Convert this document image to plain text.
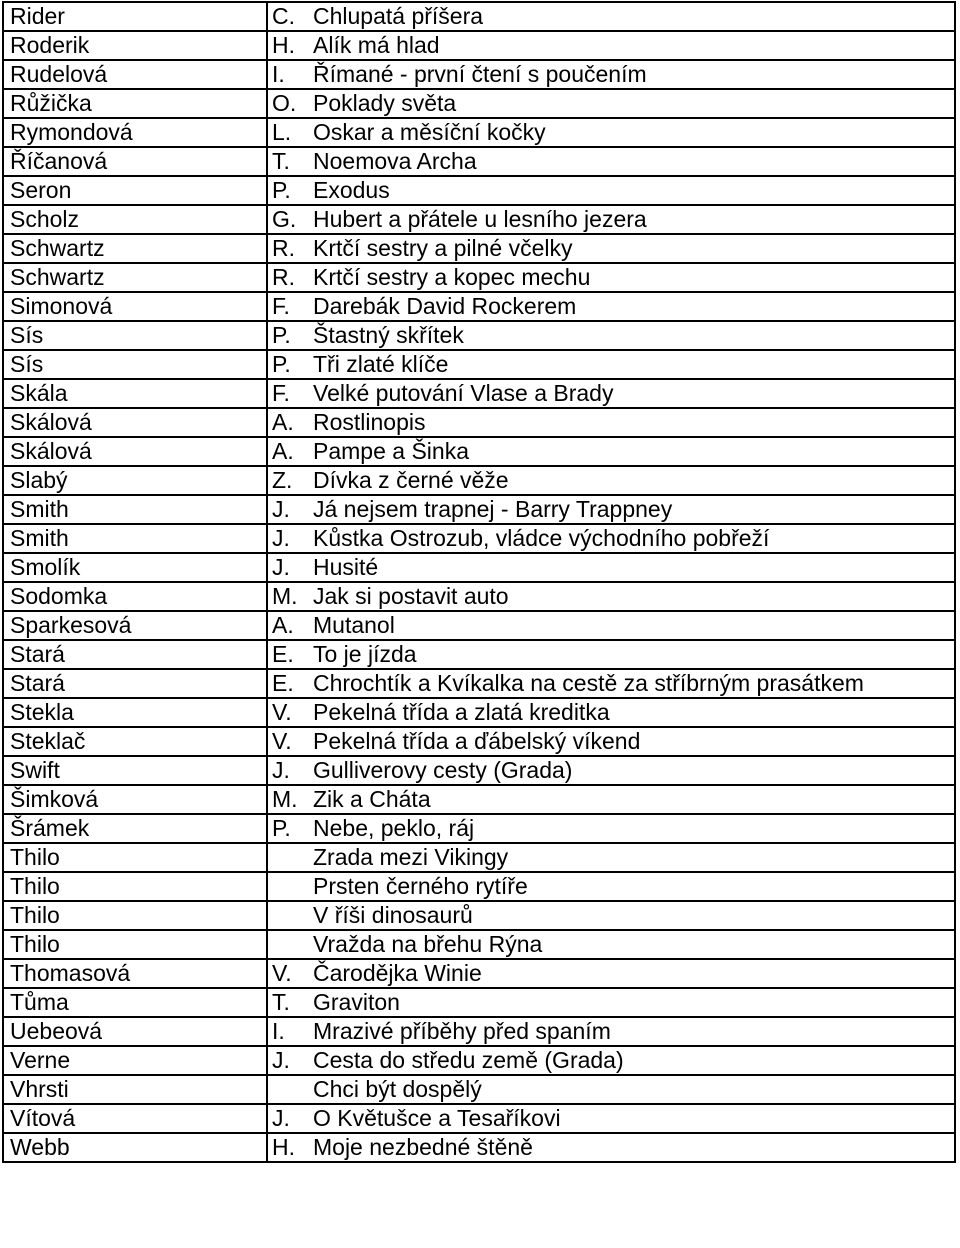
Rider	C.	Chlupatá příšera
Roderik	H.	Alík má hlad
Rudelová	I.	Římané - první čtení s poučením
Růžička	O.	Poklady světa
Rymondová	L.	Oskar a měsíční kočky
Říčanová	T.	Noemova Archa
Seron	P.	Exodus
Scholz	G.	Hubert a přátele u lesního jezera
Schwartz	R.	Krtčí sestry a pilné včelky
Schwartz	R.	Krtčí sestry a kopec mechu
Simonová	F.	Darebák David Rockerem
Sís	P.	Štastný skřítek
Sís	P.	Tři zlaté klíče
Skála	F.	Velké putování Vlase a Brady
Skálová	A.	Rostlinopis
Skálová	A.	Pampe a Šinka
Slabý	Z.	Dívka z černé věže
Smith	J.	Já nejsem trapnej - Barry Trappney
Smith	J.	Kůstka Ostrozub, vládce východního pobřeží
Smolík	J.	Husité
Sodomka	M.	Jak si postavit auto
Sparkesová	A.	Mutanol
Stará	E.	To je jízda
Stará	E.	Chrochtík a Kvíkalka na cestě za stříbrným prasátkem
Stekla	V.	Pekelná třída a zlatá kreditka
Steklač	V.	Pekelná třída a ďábelský víkend
Swift	J.	Gulliverovy cesty (Grada)
Šimková	M.	Zik a Cháta
Šrámek	P.	Nebe, peklo, ráj
Thilo		Zrada mezi Vikingy
Thilo		Prsten černého rytíře
Thilo		V říši dinosaurů
Thilo		Vražda na břehu Rýna
Thomasová	V.	Čarodějka Winie
Tůma	T.	Graviton
Uebeová	I.	Mrazivé příběhy před spaním
Verne	J.	Cesta do středu země (Grada)
Vhrsti		Chci být dospělý
Vítová	J.	O Květušce a Tesaříkovi
Webb	H.	Moje nezbedné štěně
